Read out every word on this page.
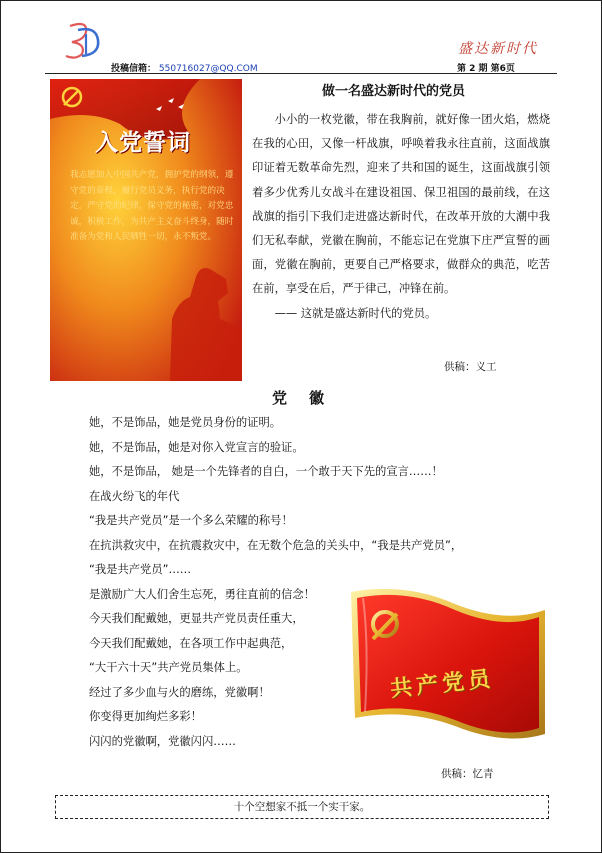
投稿信箱： 550716027@QQ.COM
盛达新时代
第 2 期 第6页
入党誓词
我志愿加入中国共产党，拥护党的纲领，遵守党的章程，履行党员义务，执行党的决定，严守党的纪律，保守党的秘密，对党忠诚，积极工作，为共产主义奋斗终身，随时准备为党和人民牺牲一切，永不叛党。
做一名盛达新时代的党员

小小的一枚党徽，带在我胸前，就好像一团火焰，燃烧在我的心田，又像一杆战旗，呼唤着我永往直前，这面战旗印证着无数革命先烈，迎来了共和国的诞生，这面战旗引领着多少优秀儿女战斗在建设祖国、保卫祖国的最前线，在这战旗的指引下我们走进盛达新时代，在改革开放的大潮中我们无私奉献，党徽在胸前，不能忘记在党旗下庄严宣誓的画面，党徽在胸前，更要自己严格要求，做群众的典范，吃苦在前，享受在后，严于律己，冲锋在前。

—— 这就是盛达新时代的党员。

供稿：义工
党徽
她，不是饰品，她是党员身份的证明。
她，不是饰品，她是对你入党宣言的验证。
她，不是饰品， 她是一个先锋者的自白，一个敢于天下先的宣言……！
在战火纷飞的年代
“我是共产党员”是一个多么荣耀的称号！
在抗洪救灾中，在抗震救灾中，在无数个危急的关头中，“我是共产党员”，
“我是共产党员”……
是激励广大人们舍生忘死，勇往直前的信念！
今天我们配戴她，更显共产党员责任重大，
今天我们配戴她，在各项工作中起典范，
“大干六十天”共产党员集体上。
经过了多少血与火的磨练，党徽啊！
你变得更加绚烂多彩！
闪闪的党徽啊，党徽闪闪……
共产党员
供稿：忆青
十个空想家不抵一个实干家。
